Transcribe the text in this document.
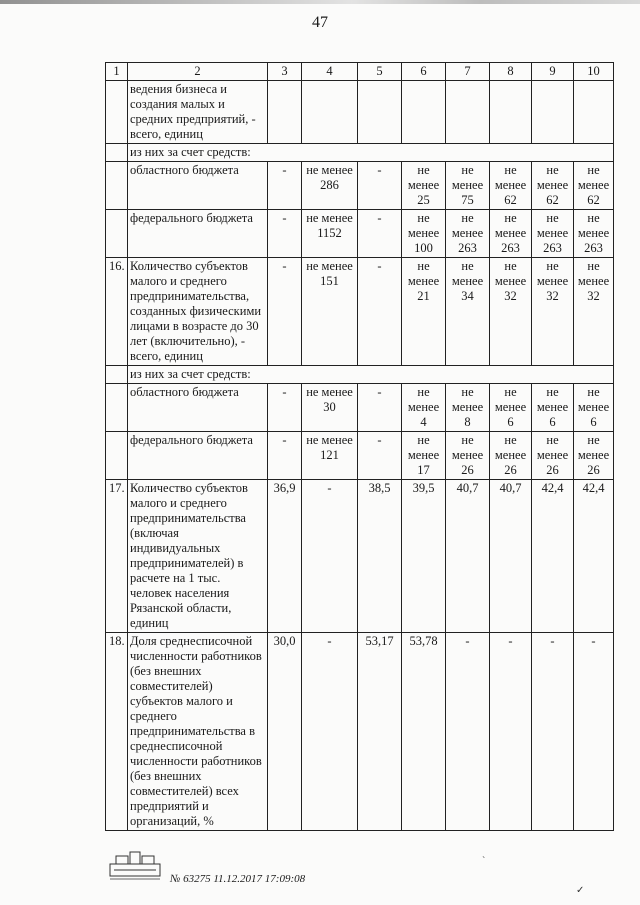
47
1	2	3	4	5	6	7	8	9	10
	ведения бизнеса и создания малых и средних предприятий, - всего, единиц								
	из них за счет средств:								
	областного бюджета	-	не менее 286	-	не менее 25	не менее 75	не менее 62	не менее 62	не менее 62
	федерального бюджета	-	не менее 1152	-	не менее 100	не менее 263	не менее 263	не менее 263	не менее 263
16.	Количество субъектов малого и среднего предпринимательства, созданных физическими лицами в возрасте до 30 лет (включительно), - всего, единиц	-	не менее 151	-	не менее 21	не менее 34	не менее 32	не менее 32	не менее 32
	из них за счет средств:								
	областного бюджета	-	не менее 30	-	не менее 4	не менее 8	не менее 6	не менее 6	не менее 6
	федерального бюджета	-	не менее 121	-	не менее 17	не менее 26	не менее 26	не менее 26	не менее 26
17.	Количество субъектов малого и среднего предпринимательства (включая индивидуальных предпринимателей) в расчете на 1 тыс. человек населения Рязанской области, единиц	36,9	-	38,5	39,5	40,7	40,7	42,4	42,4
18.	Доля среднесписочной численности работников (без внешних совместителей) субъектов малого и среднего предпринимательства в среднесписочной численности работников (без внешних совместителей) всех предприятий и организаций, %	30,0	-	53,17	53,78	-	-	-	-
№ 63275 11.12.2017 17:09:08
ˋ
✓
